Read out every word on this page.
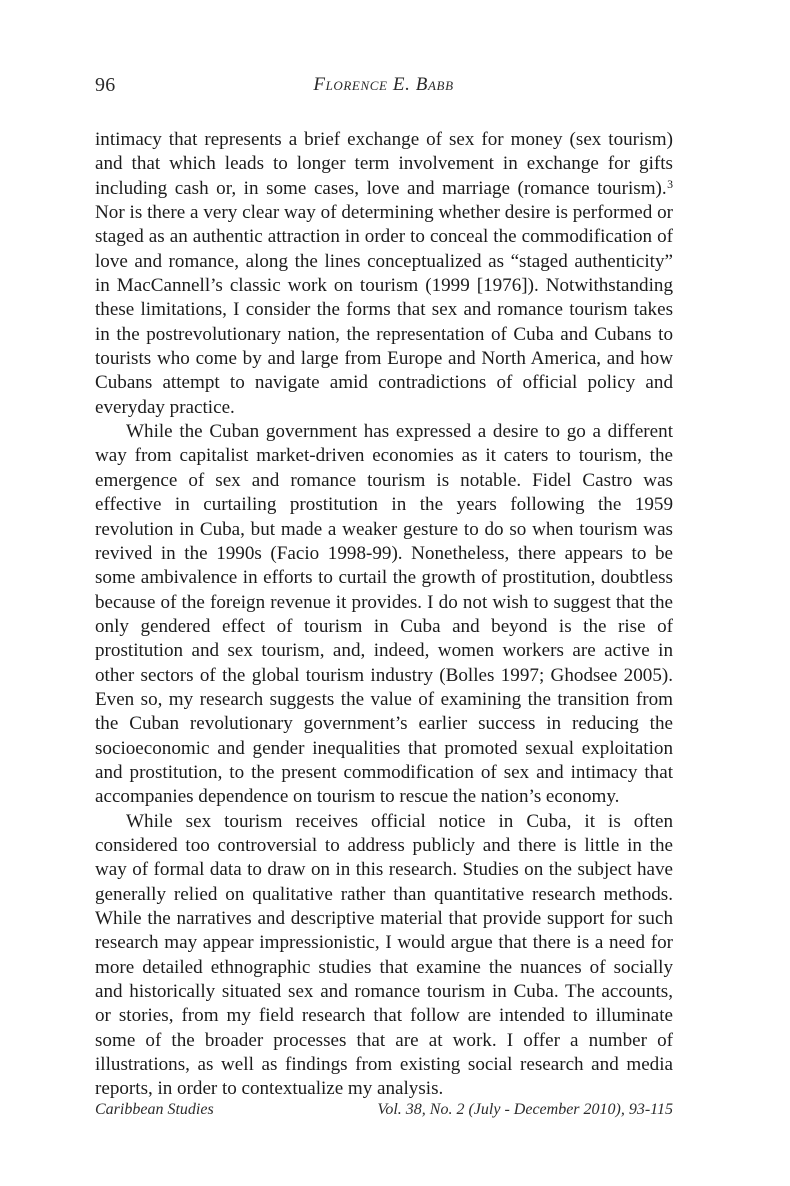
96	Florence E. Babb

intimacy that represents a brief exchange of sex for money (sex tourism) and that which leads to longer term involvement in exchange for gifts including cash or, in some cases, love and marriage (romance tourism).$^3$ Nor is there a very clear way of determining whether desire is performed or staged as an authentic attraction in order to conceal the commodification of love and romance, along the lines conceptualized as “staged authenticity” in MacCannell’s classic work on tourism (1999 [1976]). Notwithstanding these limitations, I consider the forms that sex and romance tourism takes in the postrevolutionary nation, the representation of Cuba and Cubans to tourists who come by and large from Europe and North America, and how Cubans attempt to navigate amid contradictions of official policy and everyday practice.

While the Cuban government has expressed a desire to go a different way from capitalist market-driven economies as it caters to tourism, the emergence of sex and romance tourism is notable. Fidel Castro was effective in curtailing prostitution in the years following the 1959 revolution in Cuba, but made a weaker gesture to do so when tourism was revived in the 1990s (Facio 1998-99). Nonetheless, there appears to be some ambivalence in efforts to curtail the growth of prostitution, doubtless because of the foreign revenue it provides. I do not wish to suggest that the only gendered effect of tourism in Cuba and beyond is the rise of prostitution and sex tourism, and, indeed, women workers are active in other sectors of the global tourism industry (Bolles 1997; Ghodsee 2005). Even so, my research suggests the value of examining the transition from the Cuban revolutionary government’s earlier success in reducing the socioeconomic and gender inequalities that promoted sexual exploitation and prostitution, to the present commodification of sex and intimacy that accompanies dependence on tourism to rescue the nation’s economy.

While sex tourism receives official notice in Cuba, it is often considered too controversial to address publicly and there is little in the way of formal data to draw on in this research. Studies on the subject have generally relied on qualitative rather than quantitative research methods. While the narratives and descriptive material that provide support for such research may appear impressionistic, I would argue that there is a need for more detailed ethnographic studies that examine the nuances of socially and historically situated sex and romance tourism in Cuba. The accounts, or stories, from my field research that follow are intended to illuminate some of the broader processes that are at work. I offer a number of illustrations, as well as findings from existing social research and media reports, in order to contextualize my analysis.

Caribbean Studies	Vol. 38, No. 2 (July - December 2010), 93-115
